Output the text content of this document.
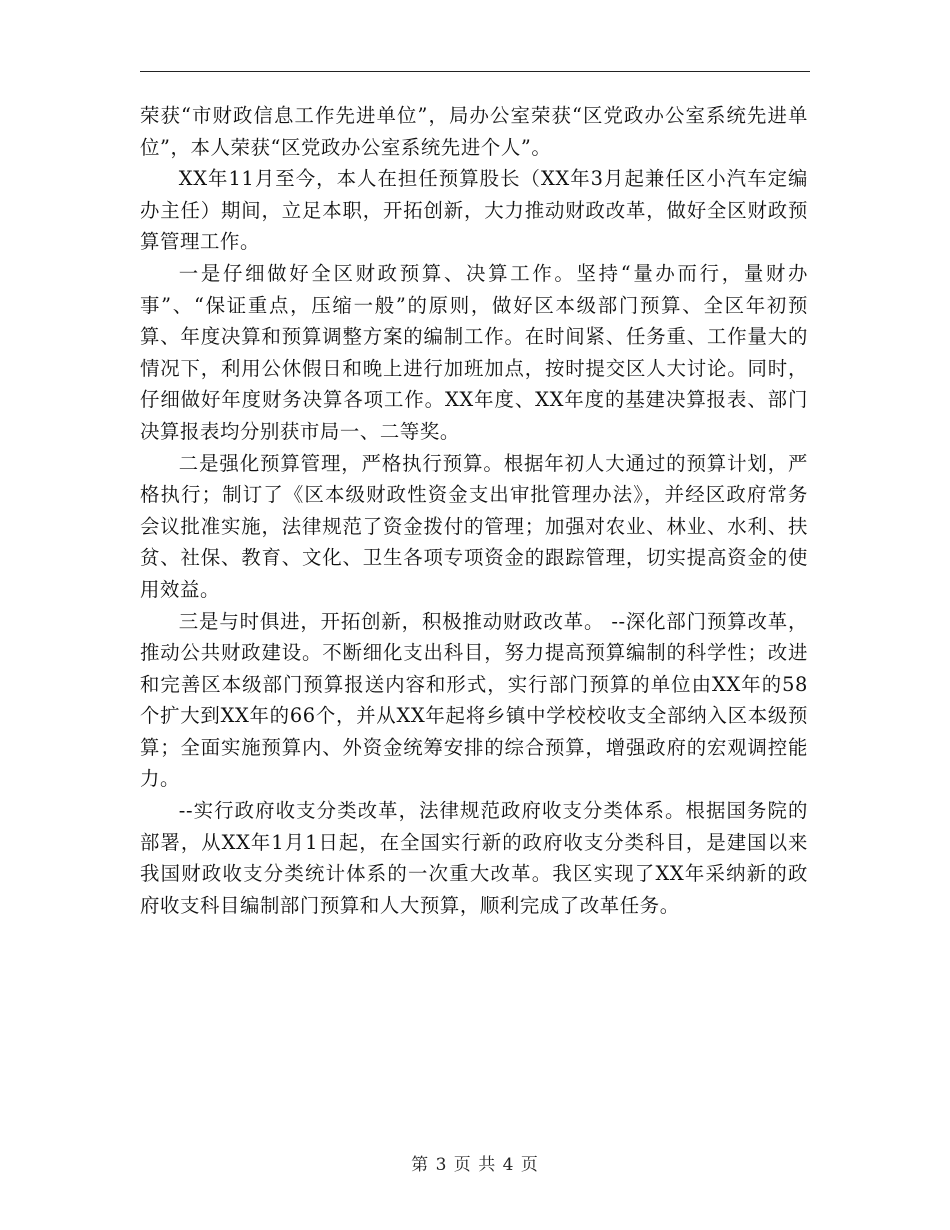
荣获“市财政信息工作先进单位”，局办公室荣获“区党政办公室系统先进单位”，本人荣获“区党政办公室系统先进个人”。

XX年11月至今，本人在担任预算股长（XX年3月起兼任区小汽车定编办主任）期间，立足本职，开拓创新，大力推动财政改革，做好全区财政预算管理工作。

一是仔细做好全区财政预算、决算工作。坚持“量办而行，量财办事”、“保证重点，压缩一般”的原则，做好区本级部门预算、全区年初预算、年度决算和预算调整方案的编制工作。在时间紧、任务重、工作量大的情况下，利用公休假日和晚上进行加班加点，按时提交区人大讨论。同时，仔细做好年度财务决算各项工作。XX年度、XX年度的基建决算报表、部门决算报表均分别获市局一、二等奖。

二是强化预算管理，严格执行预算。根据年初人大通过的预算计划，严格执行；制订了《区本级财政性资金支出审批管理办法》，并经区政府常务会议批准实施，法律规范了资金拨付的管理；加强对农业、林业、水利、扶贫、社保、教育、文化、卫生各项专项资金的跟踪管理，切实提高资金的使用效益。

三是与时俱进，开拓创新，积极推动财政改革。 --深化部门预算改革，推动公共财政建设。不断细化支出科目，努力提高预算编制的科学性；改进和完善区本级部门预算报送内容和形式，实行部门预算的单位由XX年的58个扩大到XX年的66个，并从XX年起将乡镇中学校校收支全部纳入区本级预算；全面实施预算内、外资金统筹安排的综合预算，增强政府的宏观调控能力。

--实行政府收支分类改革，法律规范政府收支分类体系。根据国务院的部署，从XX年1月1日起，在全国实行新的政府收支分类科目，是建国以来我国财政收支分类统计体系的一次重大改革。我区实现了XX年采纳新的政府收支科目编制部门预算和人大预算，顺利完成了改革任务。

第 3 页 共 4 页
